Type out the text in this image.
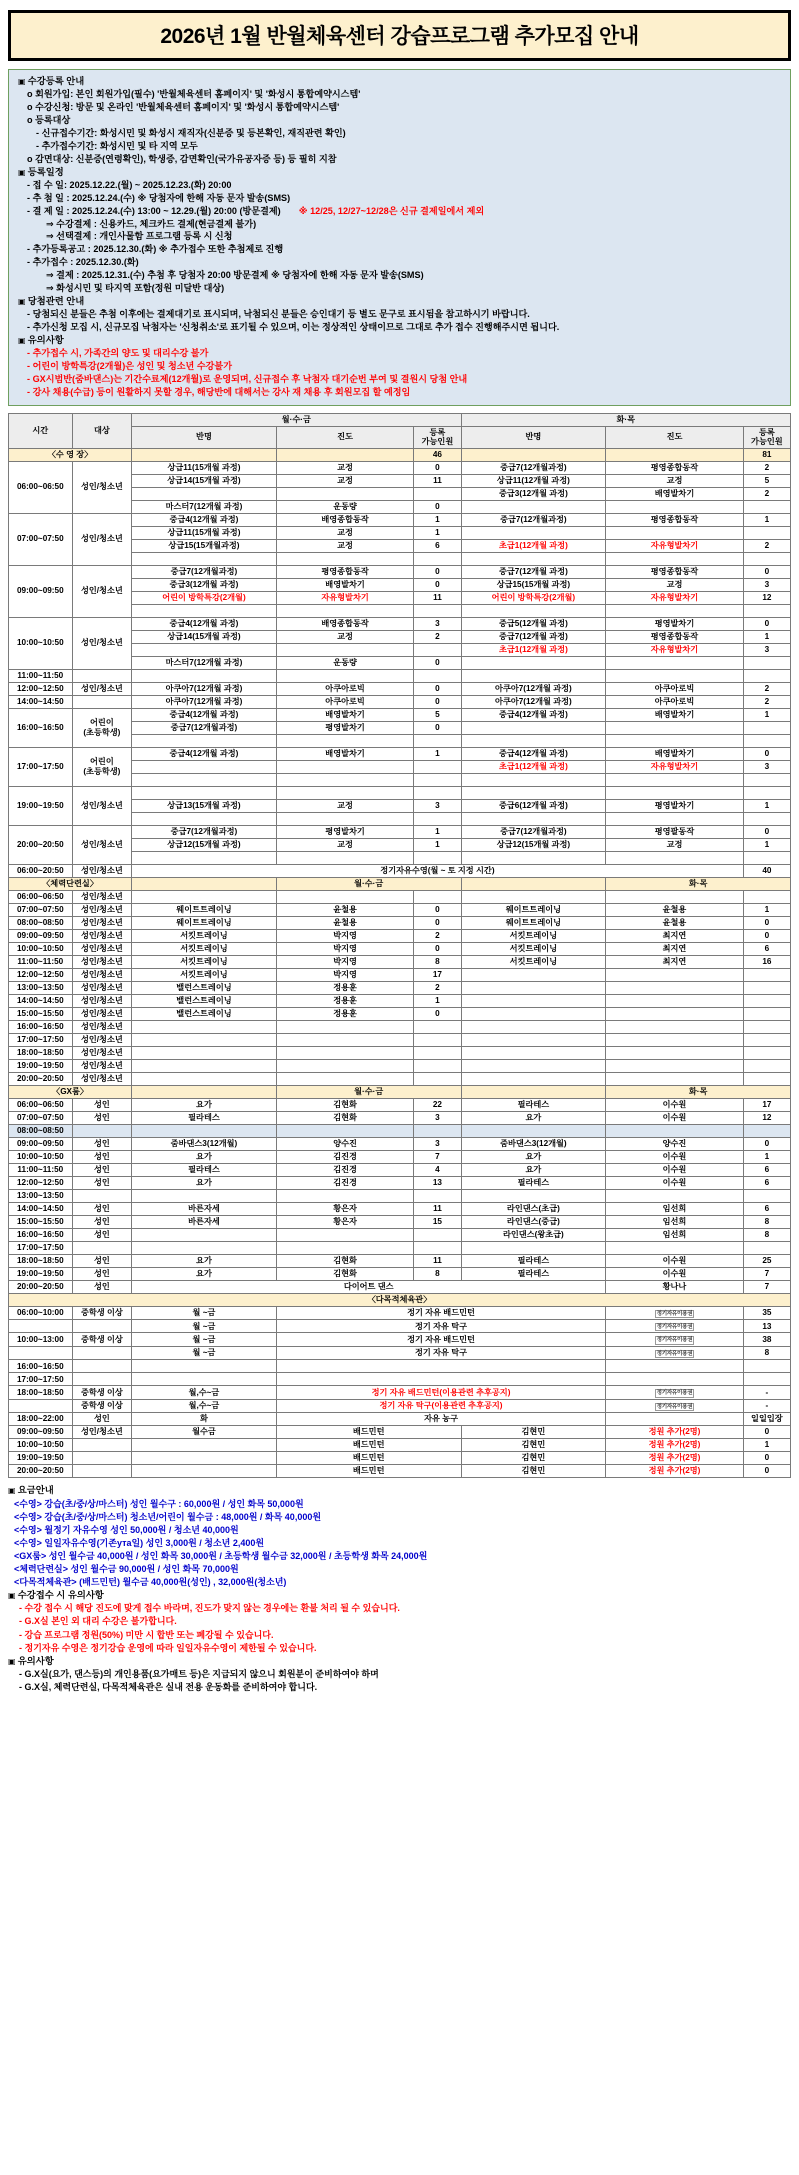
2026년 1월 반월체육센터 강습프로그램 추가모집 안내
▣ 수강등록 안내
o 회원가입: 본인 회원가입(필수) '반월체육센터 홈페이지' 및 '화성시 통합예약시스템'
o 수강신청: 방문 및 온라인 '반월체육센터 홈페이지' 및 '화성시 통합예약시스템'
o 등록대상
- 신규접수기간: 화성시민 및 화성시 재직자(신분증 및 등본확인, 재직관련 확인)
- 추가접수기간: 화성시민 및 타 지역 모두
o 감면대상: 신분증(연령확인), 학생증, 감면확인(국가유공자증 등) 등 필히 지참
▣ 등록일정
- 접 수 일: 2025.12.22.(월) ~ 2025.12.23.(화) 20:00
- 추 첨 일 : 2025.12.24.(수) ※ 당첨자에 한해 자동 문자 발송(SMS)
- 결 제 일 : 2025.12.24.(수) 13:00 ~ 12.29.(월) 20:00 (방문결제) ※ 12/25, 12/27~12/28은 신규 결제일에서 제외
⇒ 수강결제 : 신용카드, 체크카드 결제(현금결제 불가)
⇒ 선택결제 : 개인사물함 프로그램 등록 시 신청
- 추가등록공고 : 2025.12.30.(화) ※ 추가접수 또한 추첨제로 진행
- 추가접수 : 2025.12.30.(화)
⇒ 결제 : 2025.12.31.(수) 추첨 후 당첨자 20:00 방문결제 ※ 당첨자에 한해 자동 문자 발송(SMS)
⇒ 화성시민 및 타지역 포함(정원 미달반 대상)
▣ 당첨관련 안내
- 당첨되신 분들은 추첨 이후에는 결제대기로 표시되며, 낙첨되신 분들은 승인대기 등 별도 문구로 표시됨을 참고하시기 바랍니다.
- 추가신청 모집 시, 신규모집 낙첨자는 '신청취소'로 표기될 수 있으며, 이는 정상적인 상태이므로 그대로 추가 접수 진행해주시면 됩니다.
▣ 유의사항
- 추가접수 시, 가족간의 양도 및 대리수강 불가
- 어린이 방학특강(2개월)은 성인 및 청소년 수강불가
- GX시범반(줌바댄스)는 기간수료제(12개월)로 운영되며, 신규접수 후 낙첨자 대기순번 부여 및 결원시 당첨 안내
- 강사 채용(수급) 등이 원활하지 못할 경우, 해당반에 대해서는 강사 재 채용 후 회원모집 할 예정임
시간	대상	월·수·금			화·목		
		반명	진도	등록
가능인원	반명	진도	등록
가능인원
〈수 영 장〉				46			81
06:00~06:50	성인/청소년	상급11(15개월 과정)	교정	0	중급7(12개월과정)	평영종합동작	2
		상급14(15개월 과정)	교정	11	상급11(12개월 과정)	교정	5
					중급3(12개월 과정)	배영발차기	2
		마스터7(12개월 과정)	운동량	0			
07:00~07:50	성인/청소년	중급4(12개월 과정)	배영종합동작	1	중급7(12개월과정)	평영종합동작	1
		상급11(15개월 과정)	교정	1			
		상급15(15개월과정)	교정	6	초급1(12개월 과정)	자유형발차기	2

09:00~09:50	성인/청소년	중급7(12개월과정)	평영종합동작	0	중급7(12개월 과정)	평영종합동작	0
		중급3(12개월 과정)	배영발차기	0	상급15(15개월 과정)	교정	3
		어린이 방학특강(2개월)	자유형발차기	11	어린이 방학특강(2개월)	자유형발차기	12

10:00~10:50	성인/청소년	중급4(12개월 과정)	배영종합동작	3	중급5(12개월 과정)	평영발차기	0
		상급14(15개월 과정)	교정	2	중급7(12개월 과정)	평영종합동작	1
					초급1(12개월 과정)	자유형발차기	3
		마스터7(12개월 과정)	운동량	0			
11:00~11:50							
12:00~12:50	성인/청소년	아쿠아7(12개월 과정)	아쿠아로빅	0	아쿠아7(12개월 과정)	아쿠아로빅	2
14:00~14:50		아쿠아7(12개월 과정)	아쿠아로빅	0	아쿠아7(12개월 과정)	아쿠아로빅	2
16:00~16:50	어린이
(초등학생)	중급4(12개월 과정)	배영발차기	5	중급4(12개월 과정)	배영발차기	1
		중급7(12개월과정)	평영발차기	0			

17:00~17:50	어린이
(초등학생)	중급4(12개월 과정)	배영발차기	1	중급4(12개월 과정)	배영발차기	0
					초급1(12개월 과정)	자유형발차기	3

19:00~19:50	성인/청소년						
		상급13(15개월 과정)	교정	3	중급6(12개월 과정)	평영발차기	1

20:00~20:50	성인/청소년	중급7(12개월과정)	평영발차기	1	중급7(12개월과정)	평영팔동작	0
		상급12(15개월 과정)	교정	1	상급12(15개월 과정)	교정	1

06:00~20:50	성인/청소년	정기자유수영(월 ~ 토 지정 시간)					40
〈체력단련실〉			월·수·금			화·목	
06:00~06:50	성인/청소년						
07:00~07:50	성인/청소년	웨이트트레이닝	윤철용	0	웨이트트레이닝	윤철용	1
08:00~08:50	성인/청소년	웨이트트레이닝	윤철용	0	웨이트트레이닝	윤철용	0
09:00~09:50	성인/청소년	서킷트레이닝	박지영	2	서킷트레이닝	최지연	0
10:00~10:50	성인/청소년	서킷트레이닝	박지영	0	서킷트레이닝	최지연	6
11:00~11:50	성인/청소년	서킷트레이닝	박지영	8	서킷트레이닝	최지연	16
12:00~12:50	성인/청소년	서킷트레이닝	박지영	17			
13:00~13:50	성인/청소년	밸런스트레이닝	정용훈	2			
14:00~14:50	성인/청소년	밸런스트레이닝	정용훈	1			
15:00~15:50	성인/청소년	밸런스트레이닝	정용훈	0			
16:00~16:50	성인/청소년						
17:00~17:50	성인/청소년						
18:00~18:50	성인/청소년						
19:00~19:50	성인/청소년						
20:00~20:50	성인/청소년						
〈GX룸〉			월·수·금			화·목	
06:00~06:50	성인	요가	김현화	22	필라테스	이수원	17
07:00~07:50	성인	필라테스	김현화	3	요가	이수원	12
08:00~08:50							
09:00~09:50	성인	줌바댄스3(12개월)	양수진	3	줌바댄스3(12개월)	양수진	0
10:00~10:50	성인	요가	김진경	7	요가	이수원	1
11:00~11:50	성인	필라테스	김진경	4	요가	이수원	6
12:00~12:50	성인	요가	김진경	13	필라테스	이수원	6
13:00~13:50							
14:00~14:50	성인	바른자세	황은자	11	라인댄스(초급)	임선희	6
15:00~15:50	성인	바른자세	황은자	15	라인댄스(중급)	임선희	8
16:00~16:50	성인				라인댄스(왕초급)	임선희	8
17:00~17:50							
18:00~18:50	성인	요가	김현화	11	필라테스	이수원	25
19:00~19:50	성인	요가	김현화	8	필라테스	이수원	7
20:00~20:50	성인	다이어트 댄스				황나나	7
〈다목적체육관〉							
06:00~10:00	중학생 이상	월 ~금	정기 자유 배드민턴			정기자유이용권	35
		월 ~금	정기 자유 탁구			정기자유이용권	13
10:00~13:00	중학생 이상	월 ~금	정기 자유 배드민턴			정기자유이용권	38
		월 ~금	정기 자유 탁구			정기자유이용권	8
16:00~16:50							
17:00~17:50							
18:00~18:50	중학생 이상	월,수~금	정기 자유 배드민턴(이용관련 추후공지)			정기자유이용권	-
	중학생 이상	월,수~금	정기 자유 탁구(이용관련 추후공지)			정기자유이용권	-
18:00~22:00	성인	화	자유 농구				일일입장
09:00~09:50	성인/청소년	월수금	배드민턴		김현민	정원 추가(2명)	0
10:00~10:50			배드민턴		김현민	정원 추가(2명)	1
19:00~19:50			배드민턴		김현민	정원 추가(2명)	0
20:00~20:50			배드민턴		김현민	정원 추가(2명)	0
▣ 요금안내
<수영> 강습(초/중/상/마스터) 성인 월수구 : 60,000원 / 성인 화목 50,000원
<수영> 강습(초/중/상/마스터) 청소년/어린이 월수금 : 48,000원 / 화목 40,000원
<수영> 월정기 자유수영 성인 50,000원 / 청소년 40,000원
<수영> 일일자유수영(기존ута일) 성인 3,000원 / 청소년 2,400원
<GX룸> 성인 월수금 40,000원 / 성인 화목 30,000원 / 초등학생 월수금 32,000원 / 초등학생 화목 24,000원
<체력단련실> 성인 월수금 90,000원 / 성인 화목 70,000원
<다목적체육관> (배드민턴) 월수금 40,000원(성인) , 32,000원(청소년)
▣ 수강접수 시 유의사항
- 수강 접수 시 해당 진도에 맞게 접수 바라며, 진도가 맞지 않는 경우에는 환불 처리 될 수 있습니다.
- G.X실 본인 외 대리 수강은 불가합니다.
- 강습 프로그램 정원(50%) 미만 시 합반 또는 폐강될 수 있습니다.
- 정기자유 수영은 정기강습 운영에 따라 일일자유수영이 제한될 수 있습니다.
▣ 유의사항
- G.X실(요가, 댄스등)의 개인용품(요가매트 등)은 지급되지 않으니 회원분이 준비하여야 하며
- G.X실, 체력단련실, 다목적체육관은 실내 전용 운동화를 준비하여야 합니다.
